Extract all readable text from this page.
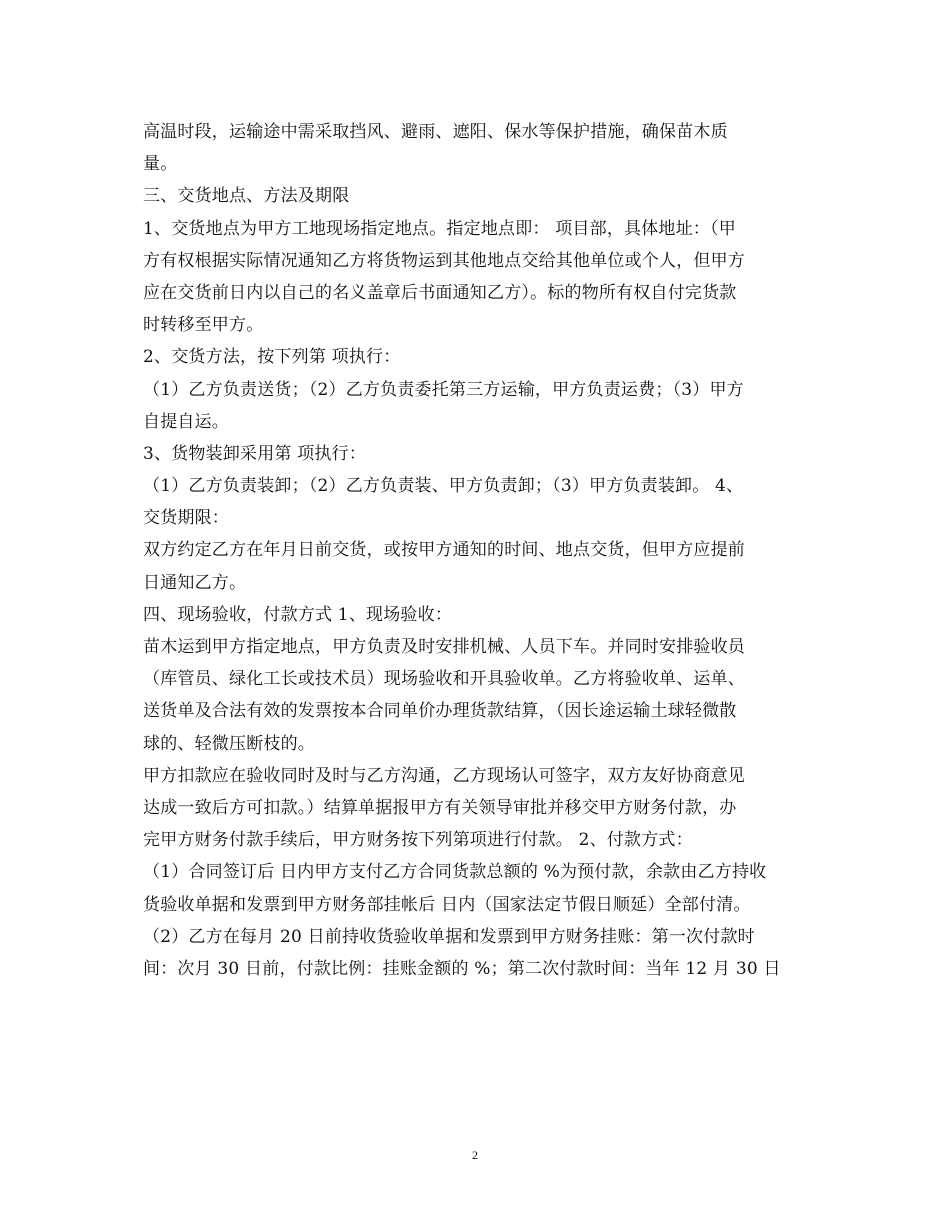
高温时段，运输途中需采取挡风、避雨、遮阳、保水等保护措施，确保苗木质
量。
三、交货地点、方法及期限
1、交货地点为甲方工地现场指定地点。指定地点即： 项目部，具体地址：（甲
方有权根据实际情况通知乙方将货物运到其他地点交给其他单位或个人，但甲方
应在交货前日内以自己的名义盖章后书面通知乙方）。标的物所有权自付完货款
时转移至甲方。
2、交货方法，按下列第 项执行：
（1）乙方负责送货；（2）乙方负责委托第三方运输，甲方负责运费；（3）甲方
自提自运。
3、货物装卸采用第 项执行：
（1）乙方负责装卸；（2）乙方负责装、甲方负责卸；（3）甲方负责装卸。 4、
交货期限：
双方约定乙方在年月日前交货，或按甲方通知的时间、地点交货，但甲方应提前
日通知乙方。
四、现场验收，付款方式 1、现场验收：
苗木运到甲方指定地点，甲方负责及时安排机械、人员下车。并同时安排验收员
（库管员、绿化工长或技术员）现场验收和开具验收单。乙方将验收单、运单、
送货单及合法有效的发票按本合同单价办理货款结算，（因长途运输土球轻微散
球的、轻微压断枝的。
甲方扣款应在验收同时及时与乙方沟通，乙方现场认可签字，双方友好协商意见
达成一致后方可扣款。）结算单据报甲方有关领导审批并移交甲方财务付款，办
完甲方财务付款手续后，甲方财务按下列第项进行付款。 2、付款方式：
（1）合同签订后 日内甲方支付乙方合同货款总额的 %为预付款，余款由乙方持收
货验收单据和发票到甲方财务部挂帐后 日内（国家法定节假日顺延）全部付清。
（2）乙方在每月 20 日前持收货验收单据和发票到甲方财务挂账：第一次付款时
间：次月 30 日前，付款比例：挂账金额的 %；第二次付款时间：当年 12 月 30 日
2
